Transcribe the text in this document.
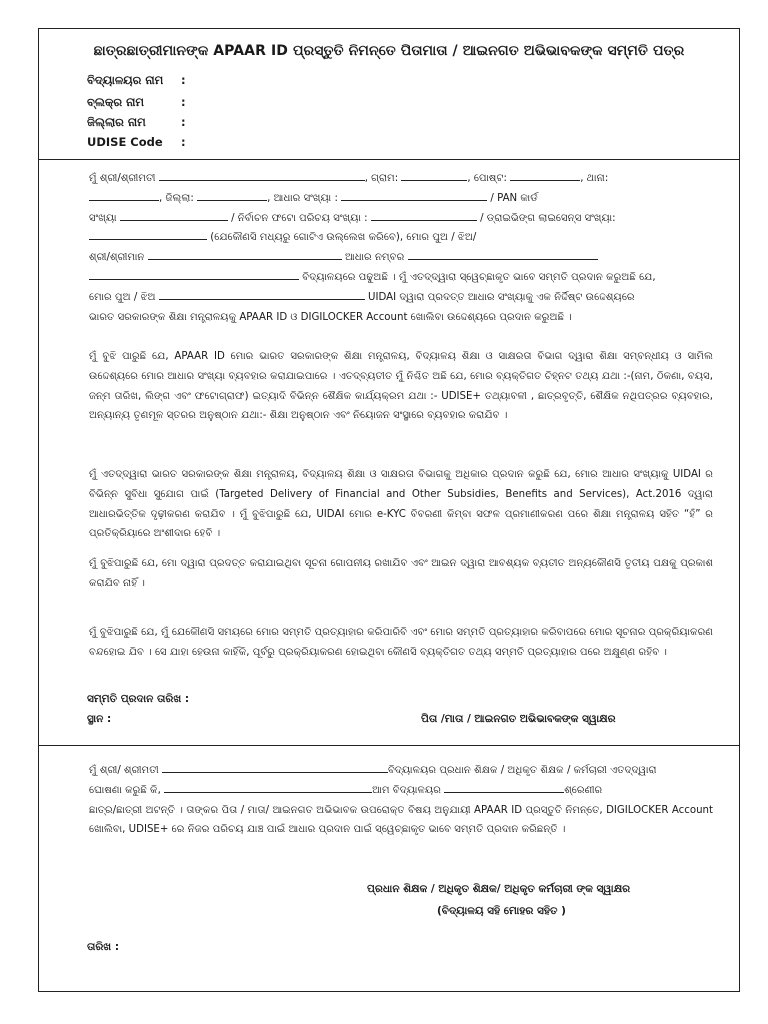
ଛାତ୍ରଛାତ୍ରୀମାନଙ୍କ APAAR ID ପ୍ରସ୍ତୁତି ନିମନ୍ତେ ପିତାମାତା / ଆଇନଗତ ଅଭିଭାବକଙ୍କ ସମ୍ମତି ପତ୍ର
ବିଦ୍ୟାଳୟର ନାମ :
ବ୍ଲକ୍‌ର ନାମ	:
ଜିଲ୍ଲାର ନାମ	:
UDISE Code :
ମୁଁ ଶ୍ରୀ/ଶ୍ରୀମତୀ	, ଗ୍ରାମ:	, ପୋଷ୍ଟ:	, ଥାନା:
, ଜିଲ୍ଲା:	, ଆଧାର ସଂଖ୍ୟା :	/ PAN କାର୍ଡ
ସଂଖ୍ୟା	/ ନିର୍ବାଚନ ଫଟୋ ପରିଚୟ ସଂଖ୍ୟା :	/ ଡ୍ରାଇଭିଙ୍ଗ ଲାଇସେନ୍ସ ସଂଖ୍ୟା:
(ଯେକୌଣସି ମଧ୍ୟରୁ ଗୋଟିଏ ଉଲ୍ଲେଖ କରିବେ), ମୋର ପୁଅ / ଝିଅ/
ଶ୍ରୀ/ଶ୍ରୀମାନ	ଆଧାର ନମ୍ବର
ବିଦ୍ୟାଳୟରେ ପଢୁଅଛି । ମୁଁ ଏତଦ୍‌ଦ୍ୱାରା ସ୍ୱେଚ୍ଛାକୃତ ଭାବେ ସମ୍ମତି ପ୍ରଦାନ କରୁଅଛି ଯେ,
ମୋର ପୁଅ / ଝିଅ	UIDAI ଦ୍ୱାରା ପ୍ରଦତ୍ତ ଆଧାର ସଂଖ୍ୟାକୁ ଏକ ନିର୍ଦ୍ଦିଷ୍ଟ ଉଦ୍ଦେଶ୍ୟରେ
ଭାରତ ସରକାରଙ୍କ ଶିକ୍ଷା ମନ୍ତ୍ରାଳୟକୁ APAAR ID ଓ DIGILOCKER Account ଖୋଲିବା ଉଦ୍ଦେଶ୍ୟରେ ପ୍ରଦାନ କରୁଅଛି ।
ମୁଁ ବୁଝି ପାରୁଛି ଯେ, APAAR ID ମୋର ଭାରତ ସରକାରଙ୍କ ଶିକ୍ଷା ମନ୍ତ୍ରାଳୟ, ବିଦ୍ୟାଳୟ ଶିକ୍ଷା ଓ ସାକ୍ଷରତା ବିଭାଗ ଦ୍ୱାରା ଶିକ୍ଷା ସମ୍ବନ୍ଧୀୟ ଓ ସାମିଲ ଉଦ୍ଦେଶ୍ୟରେ ମୋର ଆଧାର ସଂଖ୍ୟା ବ୍ୟବହାର କରାଯାଇପାରେ । ଏତଦ୍‌ବ୍ୟତୀତ ମୁଁ ନିଶ୍ଚିତ ଅଛି ଯେ, ମୋର ବ୍ୟକ୍ତିଗତ ଚିହ୍ନଟ ତଥ୍ୟ ଯଥା :-(ନାମ, ଠିକଣା, ବୟସ, ଜନ୍ମ ତାରିଖ, ଲିଙ୍ଗ ଏବଂ ଫଟୋଗ୍ରାଫ) ଇତ୍ୟାଦି ବିଭିନ୍ନ ଶୈକ୍ଷିକ କାର୍ଯ୍ୟକ୍ରମ ଯଥା :- UDISE+ ତଥ୍ୟାବଳୀ , ଛାତ୍ରବୃତ୍ତି, ଶୈକ୍ଷିକ ନଥିପତ୍ରର ବ୍ୟବହାର, ଅନ୍ୟାନ୍ୟ ତୃଣମୂଳ ସ୍ତରର ଅନୁଷ୍ଠାନ ଯଥା:- ଶିକ୍ଷା ଅନୁଷ୍ଠାନ ଏବଂ ନିୟୋଜନ ସଂସ୍ଥାରେ ବ୍ୟବହାର କରାଯିବ ।
ମୁଁ ଏତଦ୍‌ଦ୍ୱାରା ଭାରତ ସରକାରଙ୍କ ଶିକ୍ଷା ମନ୍ତ୍ରାଳୟ, ବିଦ୍ୟାଳୟ ଶିକ୍ଷା ଓ ସାକ୍ଷରତା ବିଭାଗକୁ ଅଧିକାର ପ୍ରଦାନ କରୁଛି ଯେ, ମୋର ଆଧାର ସଂଖ୍ୟାକୁ UIDAI ର ବିଭିନ୍ନ ସୁବିଧା ସୁଯୋଗ ପାଇଁ (Targeted Delivery of Financial and Other Subsidies, Benefits and Services), Act.2016 ଦ୍ୱାରା ଆଧାରଭିତ୍ତିକ ଦୃଢ଼ୀକରଣ କରାଯିବ । ମୁଁ ବୁଝିପାରୁଛି ଯେ, UIDAI ମୋର e-KYC ବିବରଣୀ କିମ୍ବା ସଫଳ ପ୍ରମାଣୀକରଣ ପରେ ଶିକ୍ଷା ମନ୍ତ୍ରାଳୟ ସହିତ “ହଁ” ର ପ୍ରତିକ୍ରିୟାରେ ଅଂଶୀଦାର ହେବି ।
ମୁଁ ବୁଝିପାରୁଛି ଯେ, ମୋ ଦ୍ୱାରା ପ୍ରଦତ୍ତ କରାଯାଇଥିବା ସୂଚନା ଗୋପନୀୟ ରଖାଯିବ ଏବଂ ଆଇନ ଦ୍ୱାରା ଆବଶ୍ୟକ ବ୍ୟତୀତ ଅନ୍ୟକୌଣସି ତୃତୀୟ ପକ୍ଷକୁ ପ୍ରକାଶ କରାଯିବ ନାହିଁ ।
ମୁଁ ବୁଝିପାରୁଛି ଯେ, ମୁଁ ଯେକୌଣସି ସମୟରେ ମୋର ସମ୍ମତି ପ୍ରତ୍ୟାହାର କରିପାରିବି ଏବଂ ମୋର ସମ୍ମତି ପ୍ରତ୍ୟାହାର କରିବାପରେ ମୋର ସୂଚନାର ପ୍ରକ୍ରିୟାକରଣ ବନ୍ଦହୋଇ ଯିବ । ସେ ଯାହା ହେଉନା କାହିଁକି, ପୂର୍ବରୁ ପ୍ରକ୍ରିୟାକରଣ ହୋଇଥିବା କୌଣସି ବ୍ୟକ୍ତିଗତ ତଥ୍ୟ ସମ୍ମତି ପ୍ରତ୍ୟାହାର ପରେ ଅକ୍ଷୁଣ୍ଣ ରହିବ ।
ସମ୍ମତି ପ୍ରଦାନ ତାରିଖ :
ସ୍ଥାନ :	ପିତା /ମାତା / ଆଇନଗତ ଅଭିଭାବକଙ୍କ ସ୍ୱାକ୍ଷର
ମୁଁ ଶ୍ରୀ/ ଶ୍ରୀମତୀ	ବିଦ୍ୟାଳୟର ପ୍ରଧାନ ଶିକ୍ଷକ / ଅଧିକୃତ ଶିକ୍ଷକ / କର୍ମଚାରୀ ଏତଦ୍‌ଦ୍ୱାରା
ଘୋଷଣା କରୁଛି କି,	ଆମ ବିଦ୍ୟାଳୟର	ଶ୍ରେଣୀର
ଛାତ୍ର/ଛାତ୍ରୀ ଅଟନ୍ତି । ତାଙ୍କର ପିତା / ମାତା/ ଆଇନଗତ ଅଭିଭାବକ ଉପରୋକ୍ତ ବିଷୟ ଅନୁଯାୟୀ APAAR ID ପ୍ରସ୍ତୁତି ନିମନ୍ତେ, DIGILOCKER Account ଖୋଲିବା, UDISE+ ରେ ନିଜର ପରିଚୟ ଯାଞ୍ଚ ପାଇଁ ଆଧାର ପ୍ରଦାନ ପାଇଁ ସ୍ୱେଚ୍ଛାକୃତ ଭାବେ ସମ୍ମତି ପ୍ରଦାନ କରିଛନ୍ତି ।
ପ୍ରଧାନ ଶିକ୍ଷକ / ଅଧିକୃତ ଶିକ୍ଷକ/ ଅଧିକୃତ କର୍ମଚାରୀ ଙ୍କ ସ୍ୱାକ୍ଷର
(ବିଦ୍ୟାଳୟ ସହି ମୋହର ସହିତ )
ତାରିଖ :
